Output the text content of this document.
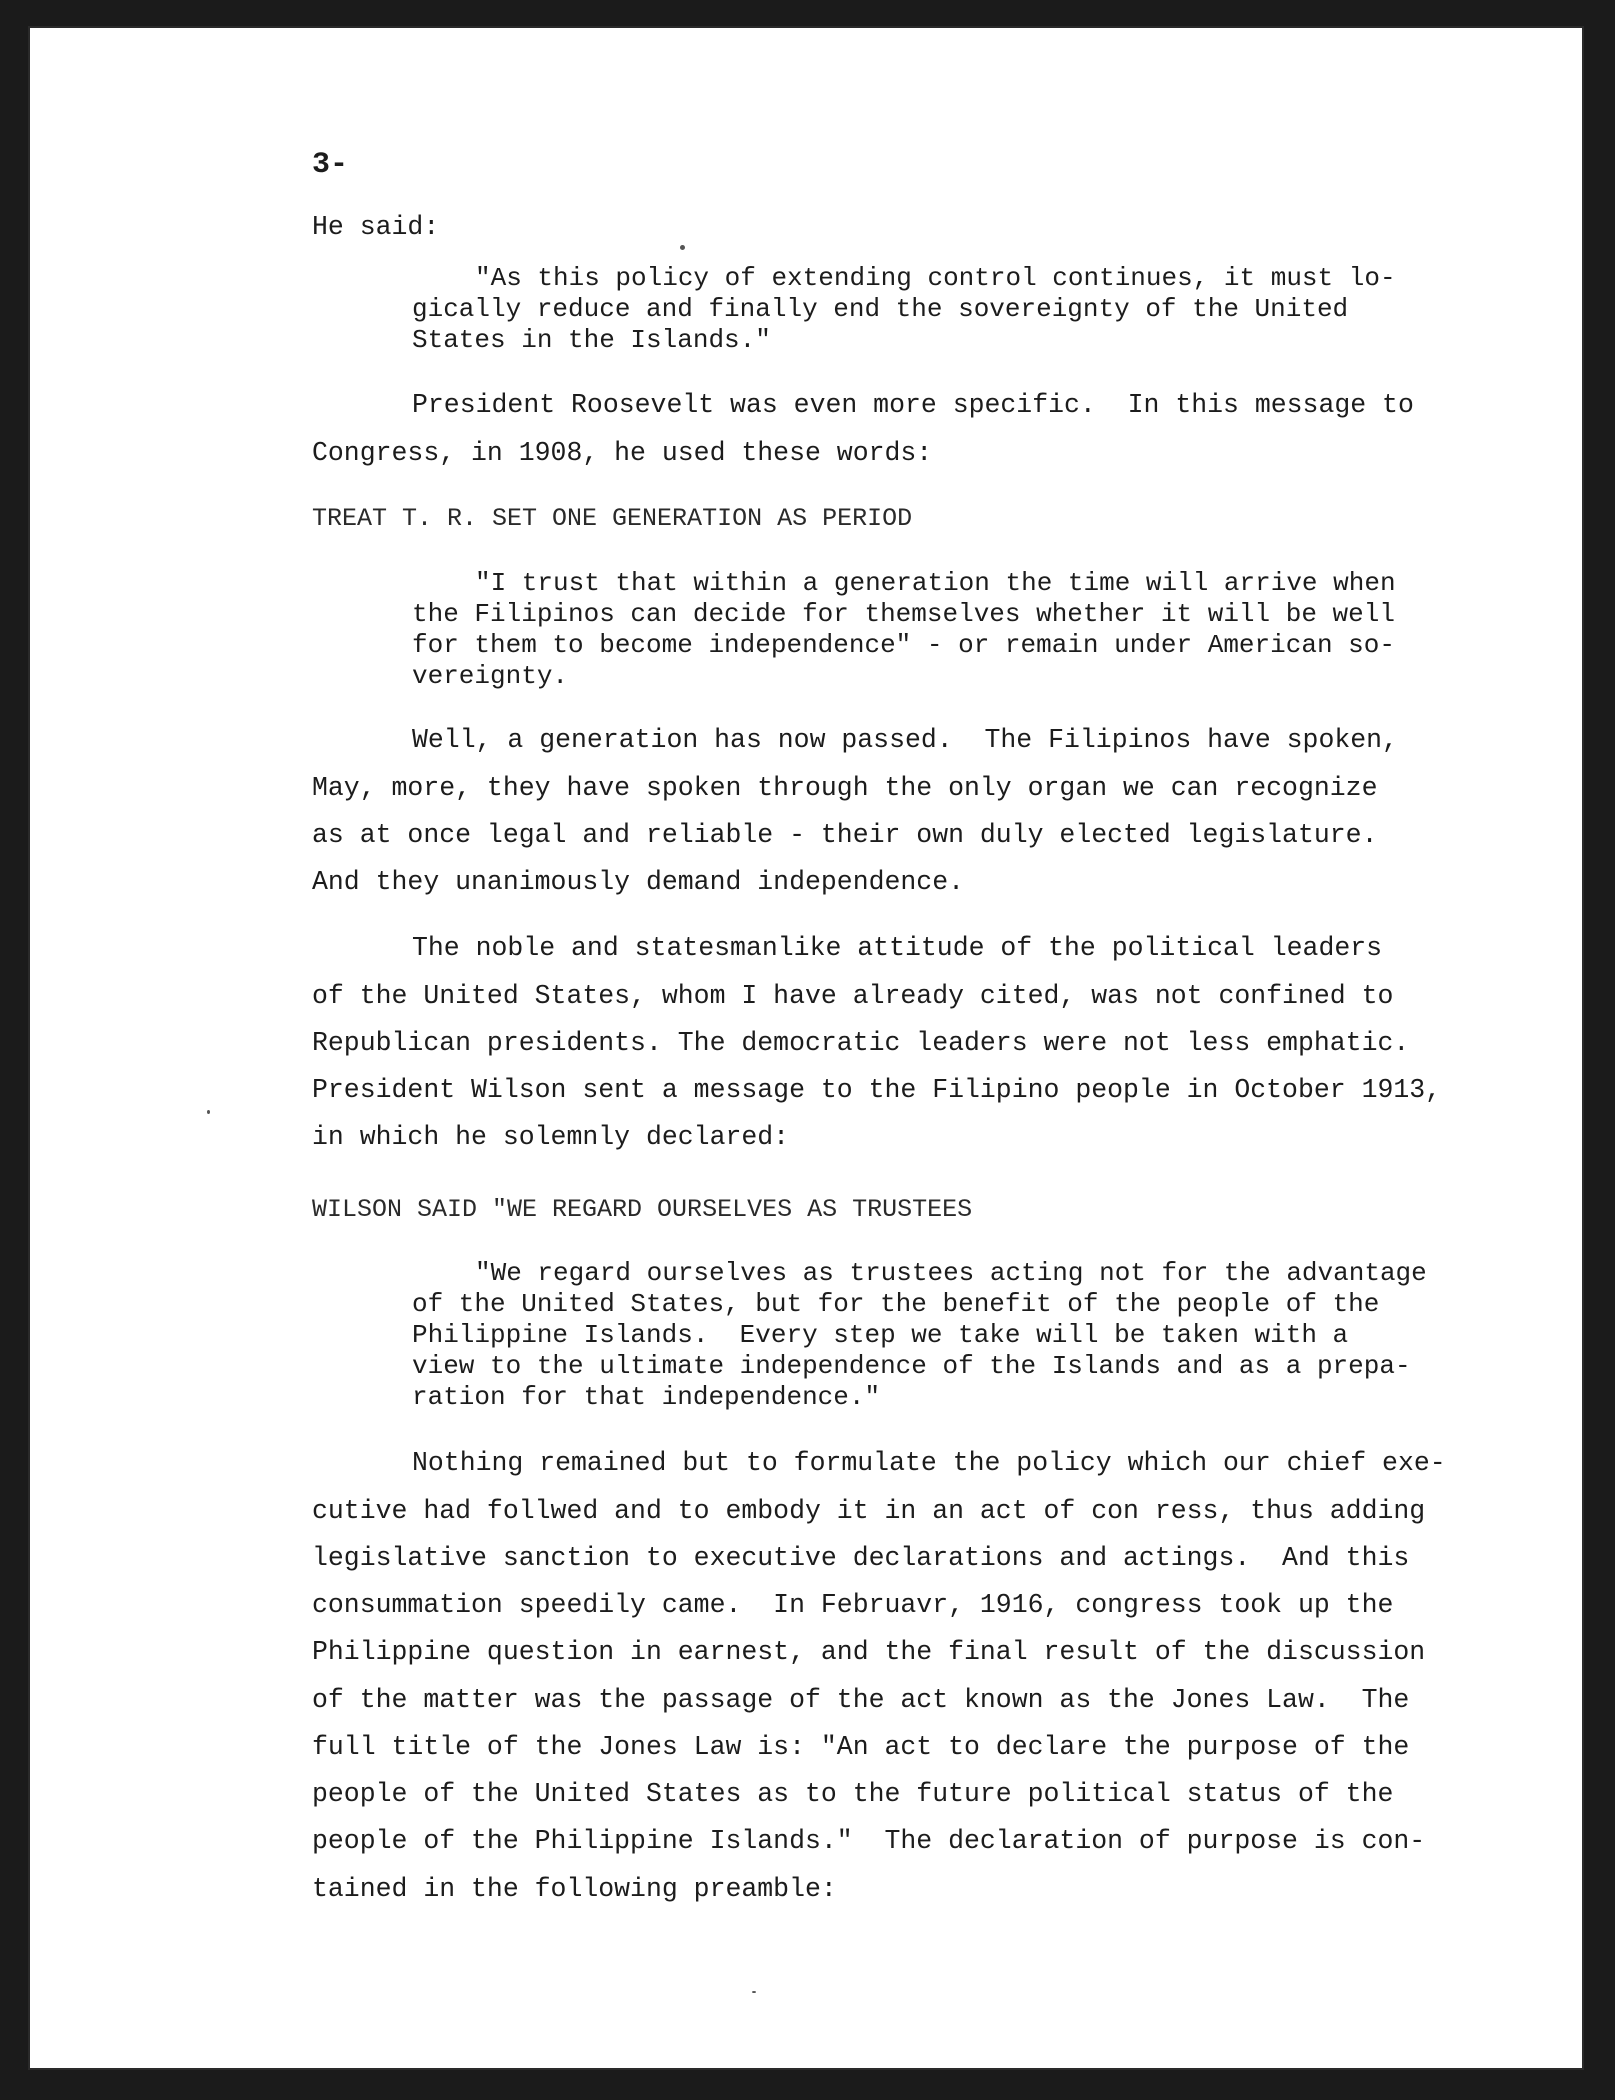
3-

He said:

"As this policy of extending control continues, it must lo-

gically reduce and finally end the sovereignty of the United

States in the Islands."

President Roosevelt was even more specific.  In this message to

Congress, in 1908, he used these words:

TREAT T. R. SET ONE GENERATION AS PERIOD

"I trust that within a generation the time will arrive when

the Filipinos can decide for themselves whether it will be well

for them to become independence" - or remain under American so-

vereignty.

Well, a generation has now passed.  The Filipinos have spoken,

May, more, they have spoken through the only organ we can recognize

as at once legal and reliable - their own duly elected legislature.

And they unanimously demand independence.

The noble and statesmanlike attitude of the political leaders

of the United States, whom I have already cited, was not confined to

Republican presidents. The democratic leaders were not less emphatic.

President Wilson sent a message to the Filipino people in October 1913,

in which he solemnly declared:

WILSON SAID "WE REGARD OURSELVES AS TRUSTEES

"We regard ourselves as trustees acting not for the advantage

of the United States, but for the benefit of the people of the

Philippine Islands.  Every step we take will be taken with a

view to the ultimate independence of the Islands and as a prepa-

ration for that independence."

Nothing remained but to formulate the policy which our chief exe-

cutive had follwed and to embody it in an act of con ress, thus adding

legislative sanction to executive declarations and actings.  And this

consummation speedily came.  In Februavr, 1916, congress took up the

Philippine question in earnest, and the final result of the discussion

of the matter was the passage of the act known as the Jones Law.  The

full title of the Jones Law is: "An act to declare the purpose of the

people of the United States as to the future political status of the

people of the Philippine Islands."  The declaration of purpose is con-

tained in the following preamble:
